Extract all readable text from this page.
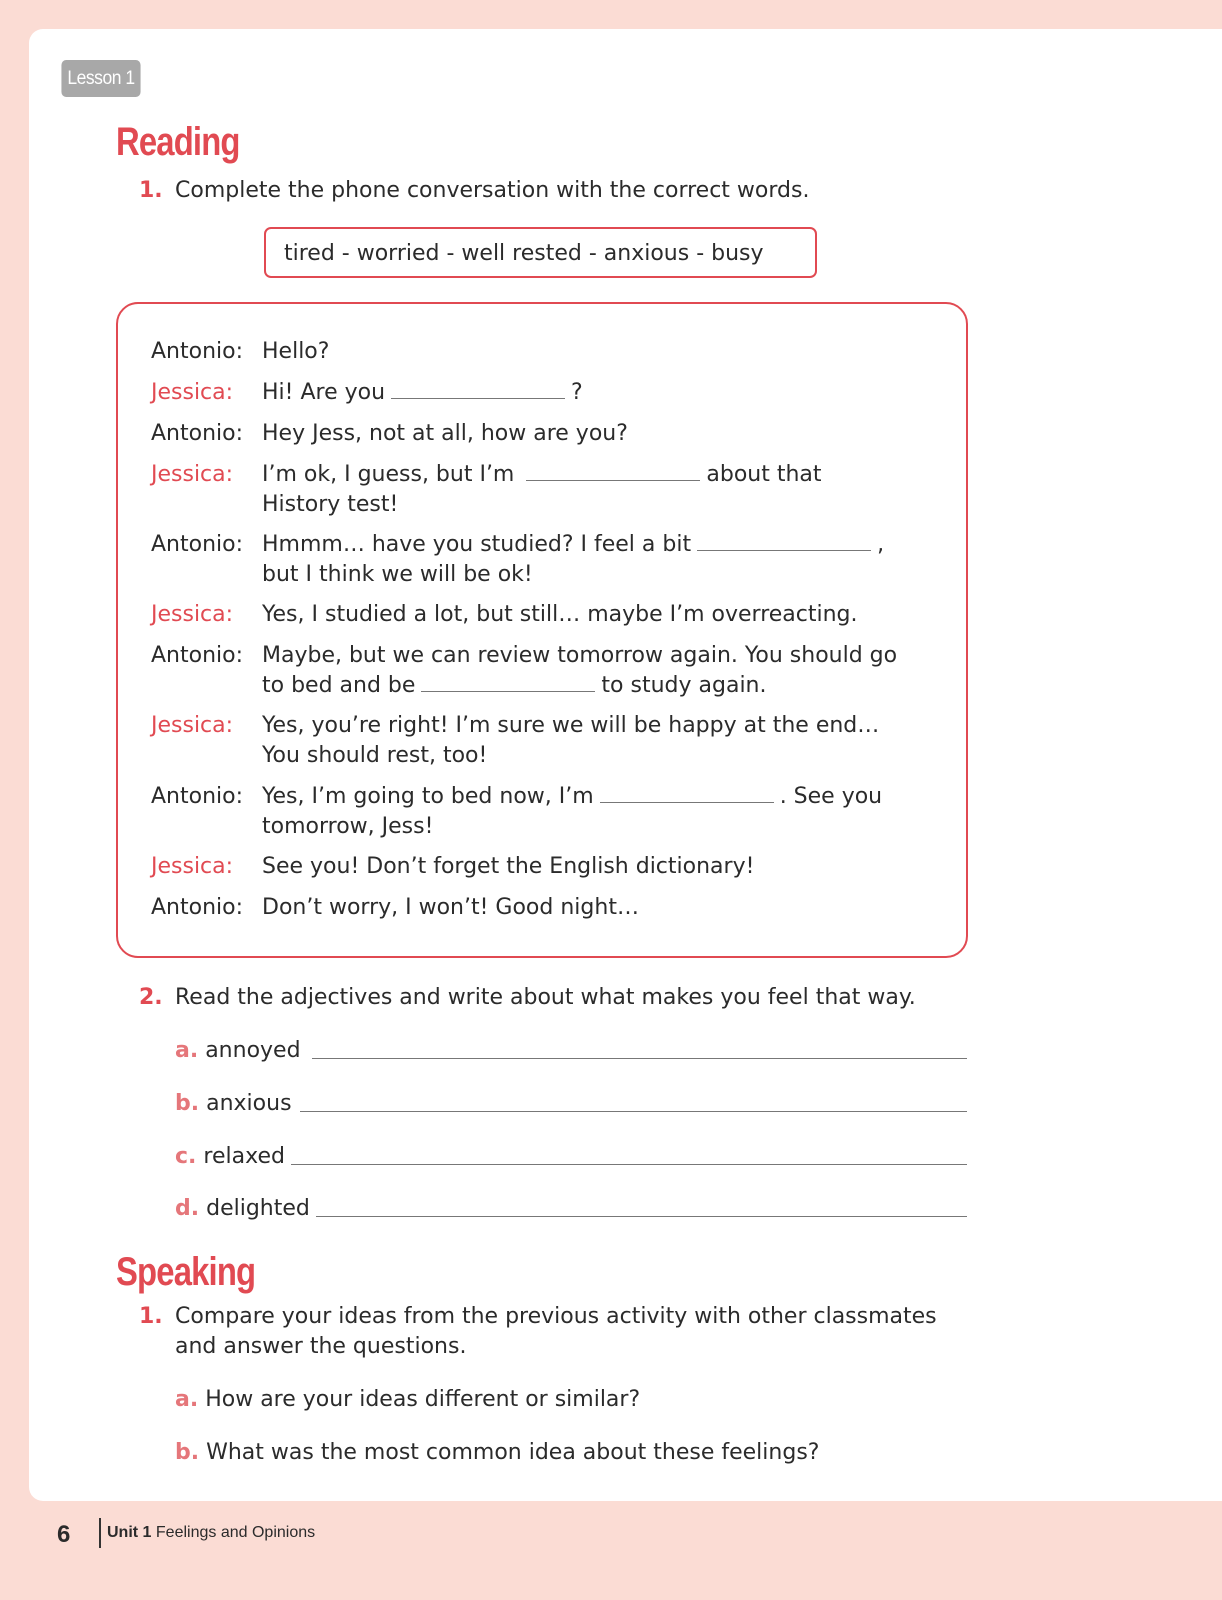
Lesson 1
Reading
1. Complete the phone conversation with the correct words.
tired - worried - well rested - anxious - busy
Antonio: Hello?
Jessica: Hi! Are you	?
Antonio: Hey Jess, not at all, how are you?
Jessica: I’m ok, I guess, but I’m	about that
History test!
Antonio: Hmmm… have you studied? I feel a bit	,
but I think we will be ok!
Jessica: Yes, I studied a lot, but still… maybe I’m overreacting.
Antonio: Maybe, but we can review tomorrow again. You should go
to bed and be	to study again.
Jessica: Yes, you’re right! I’m sure we will be happy at the end…
You should rest, too!
Antonio: Yes, I’m going to bed now, I’m	. See you
tomorrow, Jess!
Jessica: See you! Don’t forget the English dictionary!
Antonio: Don’t worry, I won’t! Good night…
2. Read the adjectives and write about what makes you feel that way.
a. annoyed
b. anxious
c. relaxed
d. delighted
Speaking
1. Compare your ideas from the previous activity with other classmates
and answer the questions.
a. How are your ideas different or similar?
b. What was the most common idea about these feelings?
6 Unit 1 Feelings and Opinions
